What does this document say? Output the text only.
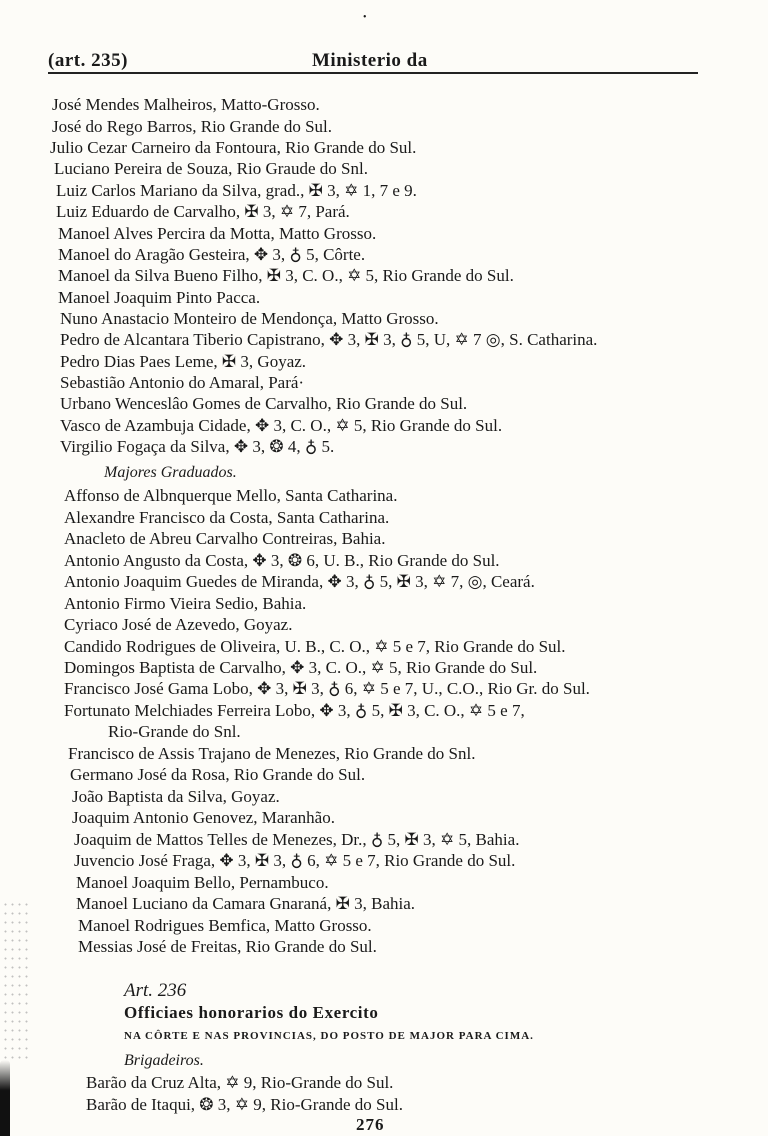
•
(art. 235)	Ministerio da
José Mendes Malheiros, Matto-Grosso.
José do Rego Barros, Rio Grande do Sul.
Julio Cezar Carneiro da Fontoura, Rio Grande do Sul.
Luciano Pereira de Souza, Rio Graude do Snl.
Luiz Carlos Mariano da Silva, grad., ✠ 3, ✡ 1, 7 e 9.
Luiz Eduardo de Carvalho, ✠ 3, ✡ 7, Pará.
Manoel Alves Percira da Motta, Matto Grosso.
Manoel do Aragão Gesteira, ✥ 3, ♁ 5, Côrte.
Manoel da Silva Bueno Filho, ✠ 3, C. O., ✡ 5, Rio Grande do Sul.
Manoel Joaquim Pinto Pacca.
Nuno Anastacio Monteiro de Mendonça, Matto Grosso.
Pedro de Alcantara Tiberio Capistrano, ✥ 3, ✠ 3, ♁ 5, U, ✡ 7 ◎, S. Catharina.
Pedro Dias Paes Leme, ✠ 3, Goyaz.
Sebastião Antonio do Amaral, Pará·
Urbano Wenceslâo Gomes de Carvalho, Rio Grande do Sul.
Vasco de Azambuja Cidade, ✥ 3, C. O., ✡ 5, Rio Grande do Sul.
Virgilio Fogaça da Silva, ✥ 3, ❂ 4, ♁ 5.
Majores Graduados.
Affonso de Albnquerque Mello, Santa Catharina.
Alexandre Francisco da Costa, Santa Catharina.
Anacleto de Abreu Carvalho Contreiras, Bahia.
Antonio Angusto da Costa, ✥ 3, ❂ 6, U. B., Rio Grande do Sul.
Antonio Joaquim Guedes de Miranda, ✥ 3, ♁ 5, ✠ 3, ✡ 7, ◎, Ceará.
Antonio Firmo Vieira Sedio, Bahia.
Cyriaco José de Azevedo, Goyaz.
Candido Rodrigues de Oliveira, U. B., C. O., ✡ 5 e 7, Rio Grande do Sul.
Domingos Baptista de Carvalho, ✥ 3, C. O., ✡ 5, Rio Grande do Sul.
Francisco José Gama Lobo, ✥ 3, ✠ 3, ♁ 6, ✡ 5 e 7, U., C.O., Rio Gr. do Sul.
Fortunato Melchiades Ferreira Lobo, ✥ 3, ♁ 5, ✠ 3, C. O., ✡ 5 e 7,
Rio-Grande do Snl.
Francisco de Assis Trajano de Menezes, Rio Grande do Snl.
Germano José da Rosa, Rio Grande do Sul.
João Baptista da Silva, Goyaz.
Joaquim Antonio Genovez, Maranhão.
Joaquim de Mattos Telles de Menezes, Dr., ♁ 5, ✠ 3, ✡ 5, Bahia.
Juvencio José Fraga, ✥ 3, ✠ 3, ♁ 6, ✡ 5 e 7, Rio Grande do Sul.
Manoel Joaquim Bello, Pernambuco.
Manoel Luciano da Camara Gnaraná, ✠ 3, Bahia.
Manoel Rodrigues Bemfica, Matto Grosso.
Messias José de Freitas, Rio Grande do Sul.
Art. 236
Officiaes honorarios do Exercito
NA CÔRTE E NAS PROVINCIAS, DO POSTO DE MAJOR PARA CIMA.
Brigadeiros.
Barão da Cruz Alta, ✡ 9, Rio-Grande do Sul.
Barão de Itaqui, ❂ 3, ✡ 9, Rio-Grande do Sul.
276
